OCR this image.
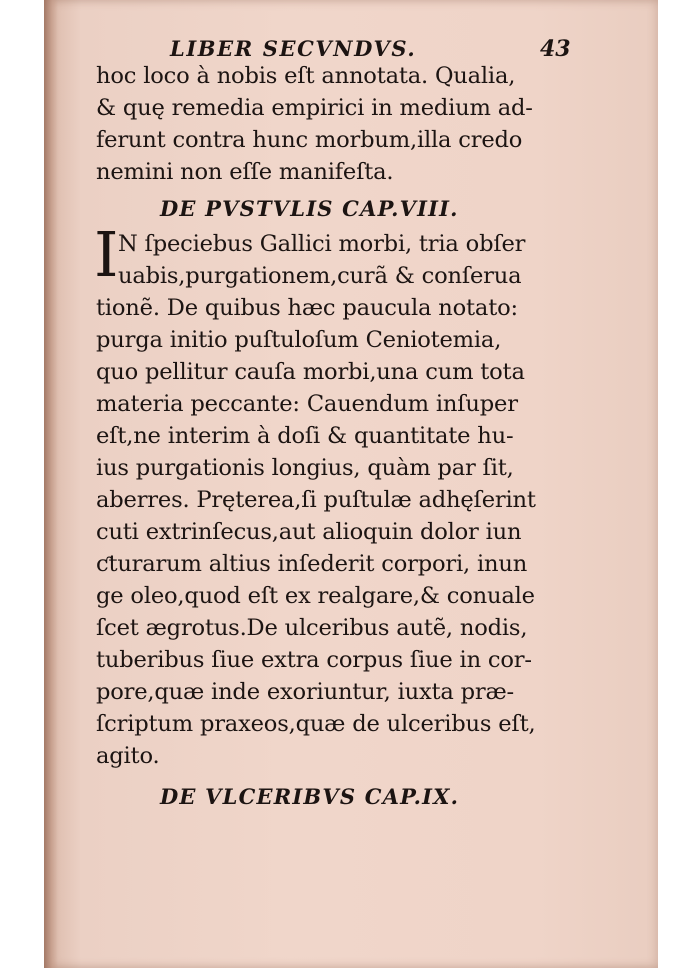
LIBER SECVNDVS.	43
hoc loco à nobis eſt annotata. Qualia,
& quę remedia empirici in medium ad-
ferunt contra hunc morbum,illa credo
nemini non eſſe manifeſta.
DE PVSTVLIS CAP.VIII.
I N ſpeciebus Gallici morbi, tria obſer
uabis,purgationem,curã & conſerua
tionẽ. De quibus hæc paucula notato:
purga initio puſtuloſum Ceniotemia,
quo pellitur cauſa morbi,una cum tota
materia peccante: Cauendum inſuper
eſt,ne interim à doſi & quantitate hu-
ius purgationis longius, quàm par ſit,
aberres. Pręterea,ſi puſtulæ adhęſerint
cuti extrinſecus,aut alioquin dolor iun
ƈturarum altius inſederit corpori, inun
ge oleo,quod eſt ex realgare,& conuale
ſcet ægrotus.De ulceribus autẽ, nodis,
tuberibus ſiue extra corpus ſiue in cor-
pore,quæ inde exoriuntur, iuxta præ-
ſcriptum praxeos,quæ de ulceribus eſt,
agito.
DE VLCERIBVS CAP.IX.
